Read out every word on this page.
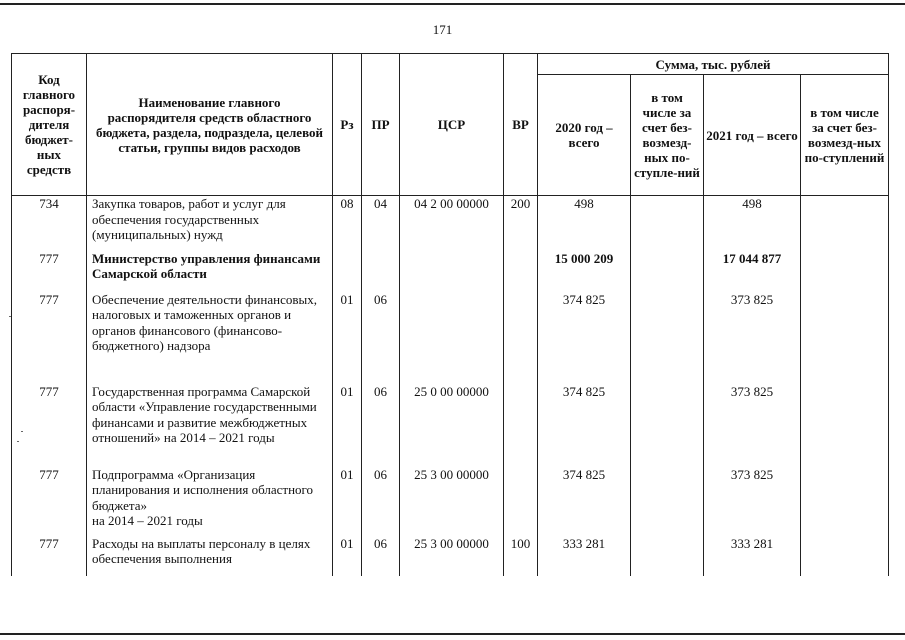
171
Код главного распоря-дителя бюджет-ных средств	Наименование главного распорядителя средств областного бюджета, раздела, подраздела, целевой статьи, группы видов расходов	Рз	ПР	ЦСР	ВР	Сумма, тыс. рублей			
						2020 год – всего	в том числе за счет без-возмезд-ных по-ступле-ний	2021 год – всего	в том числе за счет без-возмезд-ных по-ступлений
734	Закупка товаров, работ и услуг для обеспечения государственных (муниципальных) нужд	08	04	04 2 00 00000	200	498		498	
777	Министерство управления финансами Самарской области					15 000 209		17 044 877	
777	Обеспечение деятельности финансовых, налоговых и таможенных органов и органов финансового (финансово-бюджетного) надзора	01	06			374 825		373 825	
777	Государственная программа Самарской области «Управление государственными финансами и развитие межбюджетных отношений» на 2014 – 2021 годы	01	06	25 0 00 00000		374 825		373 825	
777	Подпрограмма «Организация планирования и исполнения областного бюджета»
на 2014 – 2021 годы	01	06	25 3 00 00000		374 825		373 825	
777	Расходы на выплаты персоналу в целях обеспечения выполнения	01	06	25 3 00 00000	100	333 281		333 281	
